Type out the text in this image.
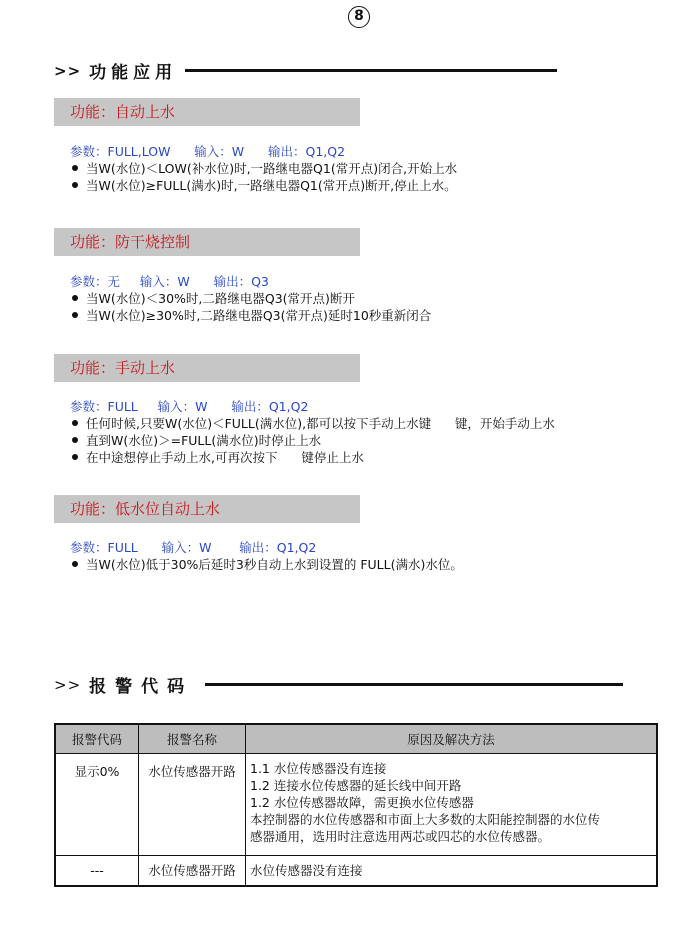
8
>> 功能应用
功能：自动上水
参数：FULL,LOW      输入：W      输出：Q1,Q2
当W(水位)＜LOW(补水位)时,一路继电器Q1(常开点)闭合,开始上水
当W(水位)≥FULL(满水)时,一路继电器Q1(常开点)断开,停止上水。
功能：防干烧控制
参数：无     输入：W      输出：Q3
当W(水位)＜30%时,二路继电器Q3(常开点)断开
当W(水位)≥30%时,二路继电器Q3(常开点)延时10秒重新闭合
功能：手动上水
参数：FULL     输入：W      输出：Q1,Q2
任何时候,只要W(水位)＜FULL(满水位),都可以按下手动上水键      键，开始手动上水
直到W(水位)＞=FULL(满水位)时停止上水
在中途想停止手动上水,可再次按下      键停止上水
功能：低水位自动上水
参数：FULL      输入：W       输出：Q1,Q2
当W(水位)低于30%后延时3秒自动上水到设置的 FULL(满水)水位。
>> 报警代码
报警代码	报警名称	原因及解决方法
显示0%	水位传感器开路	1.1 水位传感器没有连接
1.2 连接水位传感器的延长线中间开路
1.2 水位传感器故障，需更换水位传感器
本控制器的水位传感器和市面上大多数的太阳能控制器的水位传
感器通用，选用时注意选用两芯或四芯的水位传感器。

---	水位传感器开路	水位传感器没有连接
